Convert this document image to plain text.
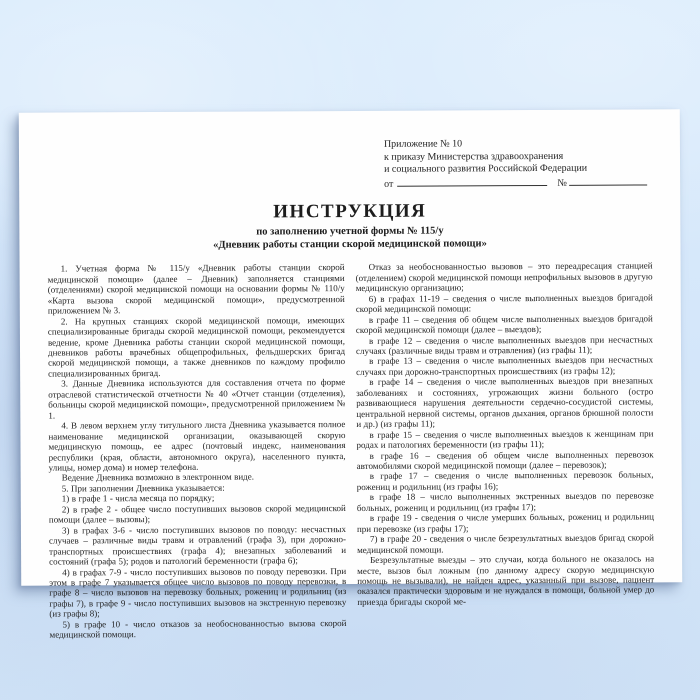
Приложение № 10
к приказу Министерства здравоохранения
и социального развития Российской Федерации
от	№
ИНСТРУКЦИЯ
по заполнению учетной формы № 115/у
«Дневник работы станции скорой медицинской помощи»

1. Учетная форма № 115/у «Дневник работы станции скорой медицинской помощи» (далее – Дневник) заполняется станциями (отделениями) скорой медицинской помощи на основании формы № 110/у «Карта вызова скорой медицинской помощи», предусмотренной приложением № 3.

2. На крупных станциях скорой медицинской помощи, имеющих специализированные бригады скорой медицинской помощи, рекомендуется ведение, кроме Дневника работы станции скорой медицинской помощи, дневников работы врачебных общепрофильных, фельдшерских бригад скорой медицинской помощи, а также дневников по каждому профилю специализированных бригад.

3. Данные Дневника используются для составления отчета по форме отраслевой статистической отчетности № 40 «Отчет станции (отделения), больницы скорой медицинской помощи», предусмотренной приложением № 1.

4. В левом верхнем углу титульного листа Дневника указывается полное наименование медицинской организации, оказывающей скорую медицинскую помощь, ее адрес (почтовый индекс, наименования республики (края, области, автономного округа), населенного пункта, улицы, номер дома) и номер телефона.

Ведение Дневника возможно в электронном виде.

5. При заполнении Дневника указывается:

1) в графе 1 - числа месяца по порядку;

2) в графе 2 - общее число поступивших вызовов скорой медицинской помощи (далее – вызовы);

3) в графах 3-6 - число поступивших вызовов по поводу: несчастных случаев – различные виды травм и отравлений (графа 3), при дорожно-транспортных происшествиях (графа 4); внезапных заболеваний и состояний (графа 5); родов и патологий беременности (графа 6);

4) в графах 7-9 - число поступивших вызовов по поводу перевозки. При этом в графе 7 указывается общее число вызовов по поводу перевозки, в графе 8 – число вызовов на перевозку больных, рожениц и родильниц (из графы 7), в графе 9 - число поступивших вызовов на экстренную перевозку (из графы 8);

5) в графе 10 - число отказов за необоснованностью вызова скорой медицинской помощи.

Отказ за необоснованностью вызовов – это переадресация станцией (отделением) скорой медицинской помощи непрофильных вызовов в другую медицинскую организацию;

6) в графах 11-19 – сведения о числе выполненных выездов бригадой скорой медицинской помощи:

в графе 11 – сведения об общем числе выполненных выездов бригадой скорой медицинской помощи (далее – выездов);

в графе 12 – сведения о числе выполненных выездов при несчастных случаях (различные виды травм и отравления) (из графы 11);

в графе 13 – сведения о числе выполненных выездов при несчастных случаях при дорожно-транспортных происшествиях (из графы 12);

в графе 14 – сведения о числе выполненных выездов при внезапных заболеваниях и состояниях, угрожающих жизни больного (остро развивающиеся нарушения деятельности сердечно-сосудистой системы, центральной нервной системы, органов дыхания, органов брюшной полости и др.) (из графы 11);

в графе 15 – сведения о числе выполненных выездов к женщинам при родах и патологиях беременности (из графы 11);

в графе 16 – сведения об общем числе выполненных перевозок автомобилями скорой медицинской помощи (далее – перевозок);

в графе 17 – сведения о числе выполненных перевозок больных, рожениц и родильниц (из графы 16);

в графе 18 – число выполненных экстренных выездов по перевозке больных, рожениц и родильниц (из графы 17);

в графе 19 - сведения о числе умерших больных, рожениц и родильниц при перевозке (из графы 17);

7) в графе 20 - сведения о числе безрезультатных выездов бригад скорой медицинской помощи.

Безрезультатные выезды – это случаи, когда больного не оказалось на месте, вызов был ложным (по данному адресу скорую медицинскую помощь не вызывали), не найден адрес, указанный при вызове, пациент оказался практически здоровым и не нуждался в помощи, больной умер до приезда бригады скорой ме-
